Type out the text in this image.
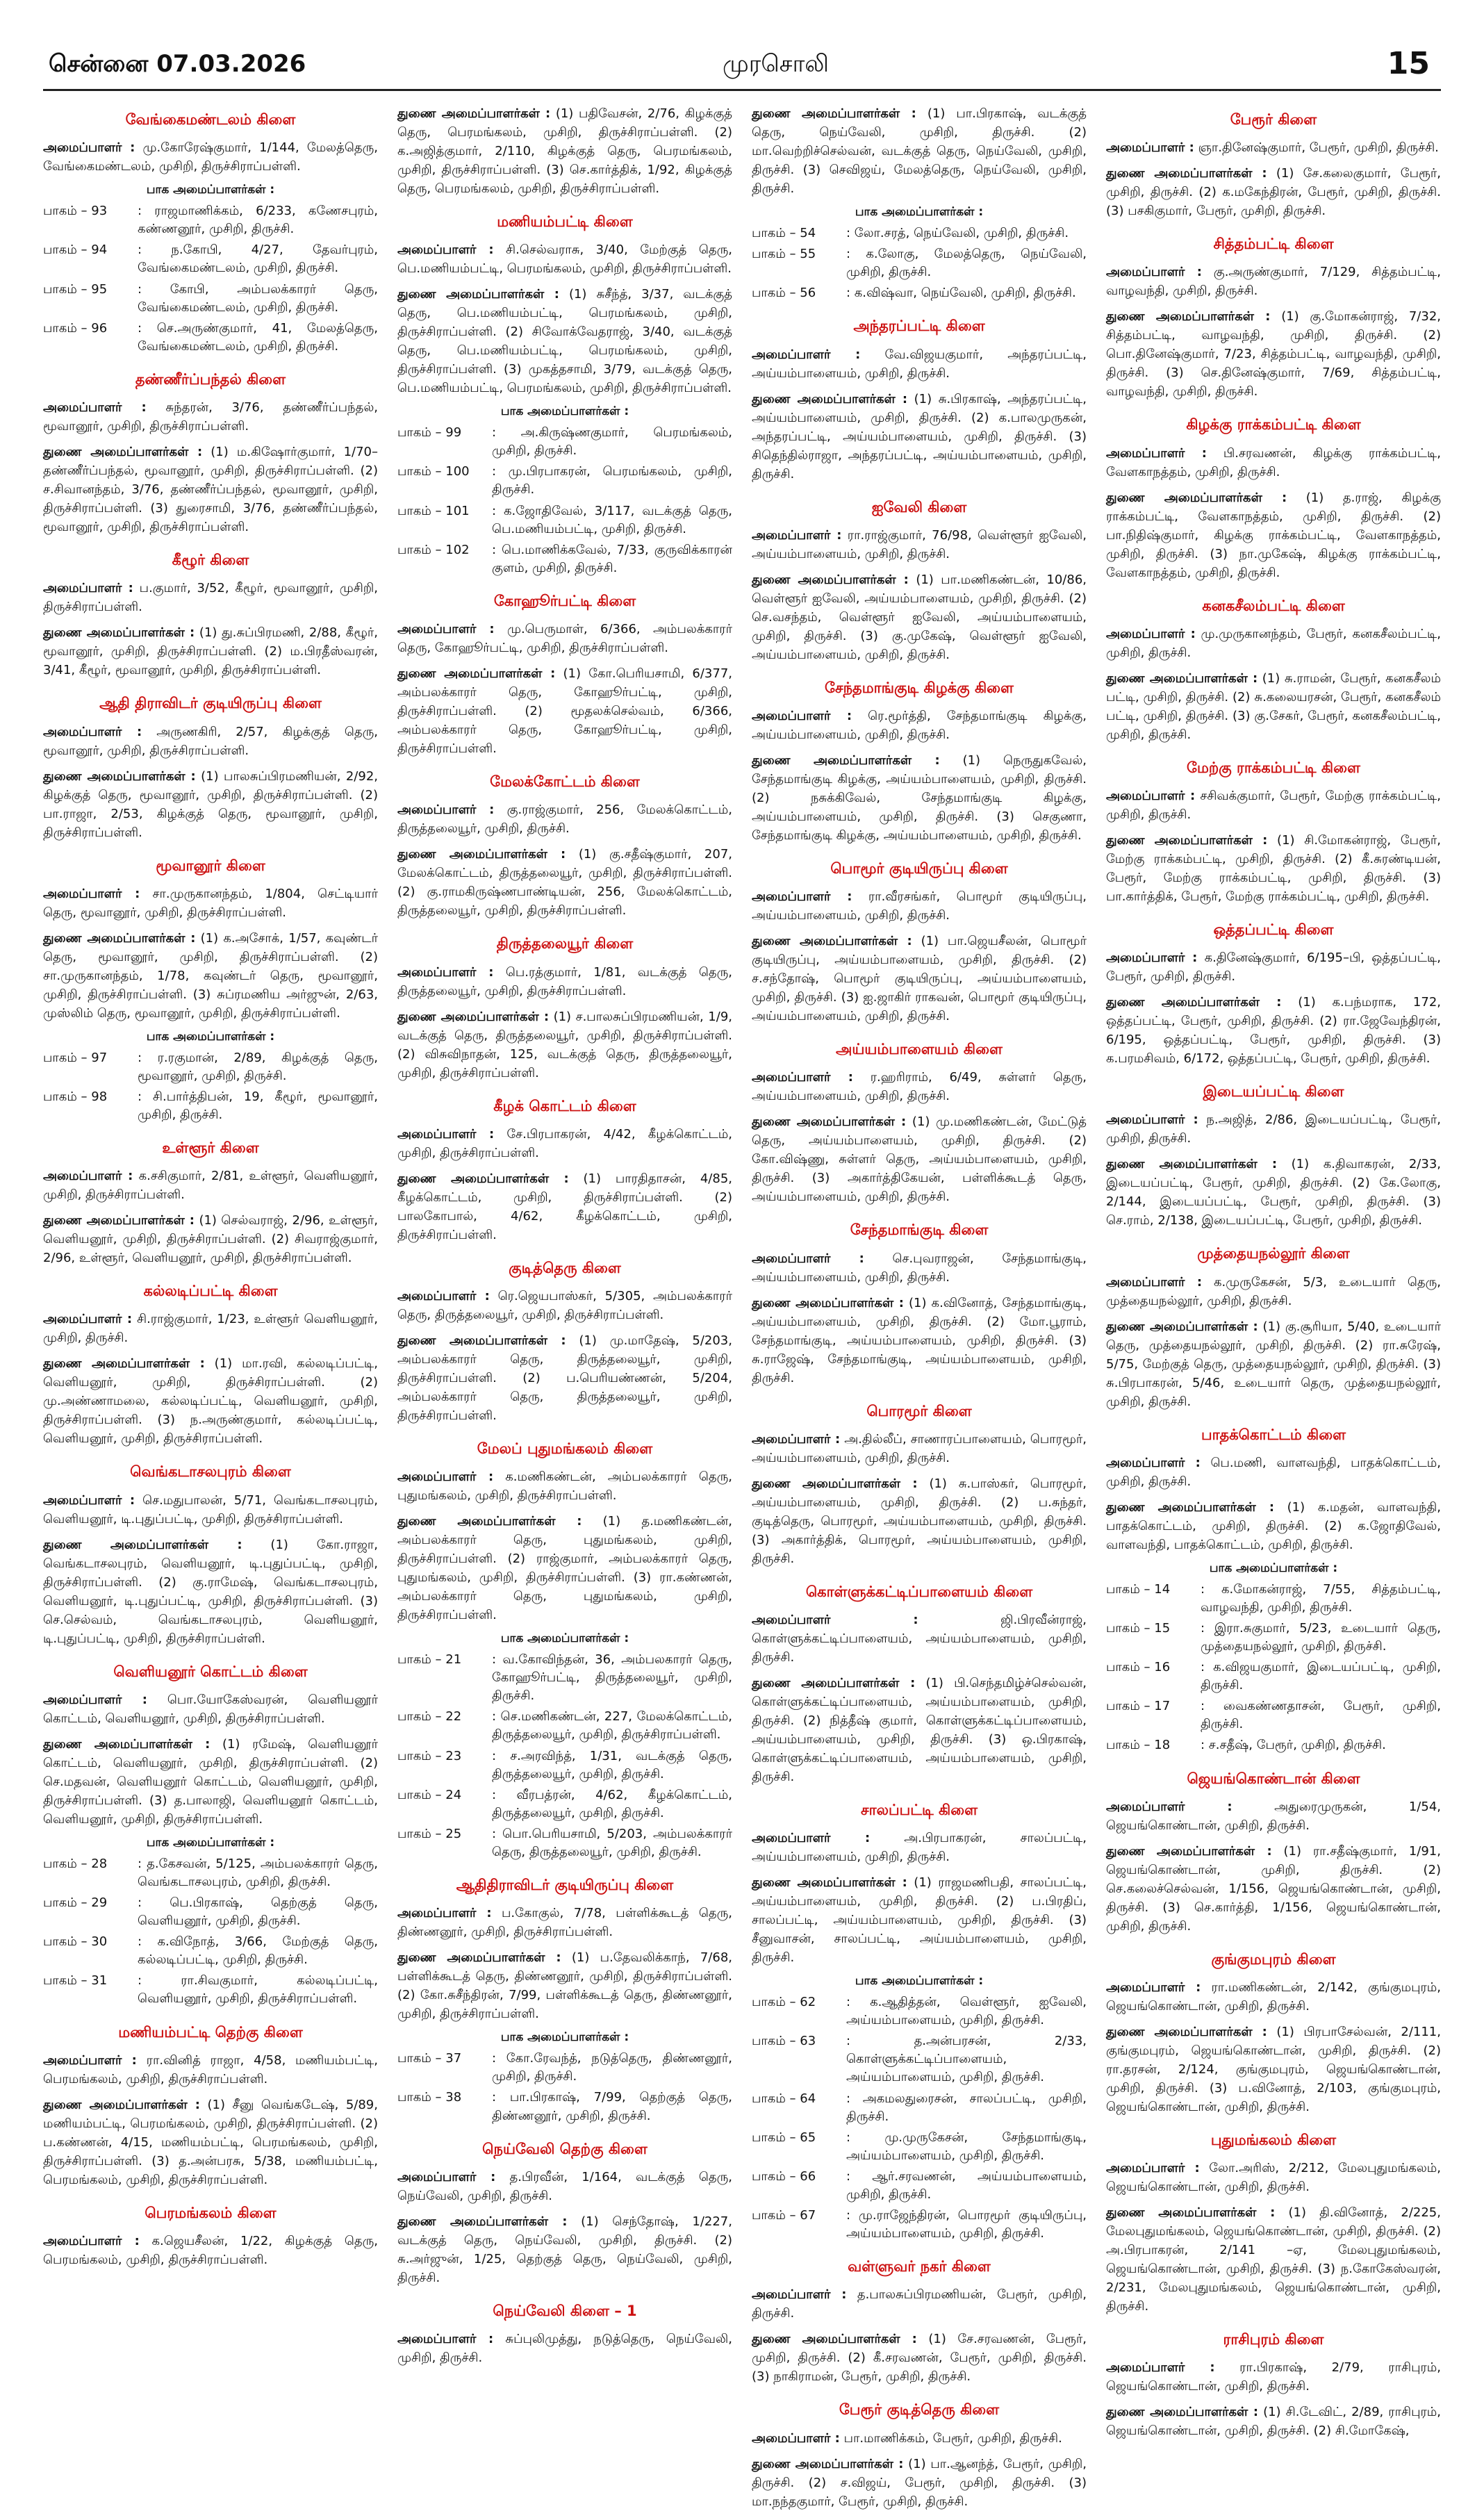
சென்னை 07.03.2026	முரசொலி	15
வேங்கைமண்டலம் கிளை

அமைப்பாளர் : மு.கோரேஷ்குமார், 1/144, மேலத்தெரு, வேங்கைமண்டலம், முசிறி, திருச்சிராப்பள்ளி.

பாக அமைப்பாளர்கள் :
பாகம் – 93	: ராஜமாணிக்கம், 6/233, கணேசபுரம், கண்ணனூர், முசிறி, திருச்சி.
பாகம் – 94	: ந.கோபி, 4/27, தேவர்புரம், வேங்கைமண்டலம், முசிறி, திருச்சி.
பாகம் – 95	: கோபி, அம்பலக்காரர் தெரு, வேங்கைமண்டலம், முசிறி, திருச்சி.
பாகம் – 96	: செ.அருண்குமார், 41, மேலத்தெரு, வேங்கைமண்டலம், முசிறி, திருச்சி.
தண்ணீர்ப்பந்தல் கிளை

அமைப்பாளர் : சுந்தரன், 3/76, தண்ணீர்ப்பந்தல், மூவானூர், முசிறி, திருச்சிராப்பள்ளி.

துணை அமைப்பாளர்கள் : (1) ம.கிஷோர்குமார், 1/70–தண்ணீர்ப்பந்தல், மூவானூர், முசிறி, திருச்சிராப்பள்ளி. (2) ச.சிவானந்தம், 3/76, தண்ணீர்ப்பந்தல், மூவானூர், முசிறி, திருச்சிராப்பள்ளி. (3) துரைசாமி, 3/76, தண்ணீர்ப்பந்தல், மூவானூர், முசிறி, திருச்சிராப்பள்ளி.

கீழூர் கிளை

அமைப்பாளர் : ப.குமார், 3/52, கீழூர், மூவானூர், முசிறி, திருச்சிராப்பள்ளி.

துணை அமைப்பாளர்கள் : (1) து.சுப்பிரமணி, 2/88, கீழூர், மூவானூர், முசிறி, திருச்சிராப்பள்ளி. (2) ம.பிரதீஸ்வரன், 3/41, கீழூர், மூவானூர், முசிறி, திருச்சிராப்பள்ளி.

ஆதி திராவிடர் குடியிருப்பு கிளை

அமைப்பாளர் : அருணகிரி, 2/57, கிழக்குத் தெரு, மூவானூர், முசிறி, திருச்சிராப்பள்ளி.

துணை அமைப்பாளர்கள் : (1) பாலசுப்பிரமணியன், 2/92, கிழக்குத் தெரு, மூவானூர், முசிறி, திருச்சிராப்பள்ளி. (2) பா.ராஜா, 2/53, கிழக்குத் தெரு, மூவானூர், முசிறி, திருச்சிராப்பள்ளி.

மூவானூர் கிளை

அமைப்பாளர் : சா.முருகானந்தம், 1/804, செட்டியார் தெரு, மூவானூர், முசிறி, திருச்சிராப்பள்ளி.

துணை அமைப்பாளர்கள் : (1) க.அசோக், 1/57, கவுண்டர் தெரு, மூவானூர், முசிறி, திருச்சிராப்பள்ளி. (2) சா.முருகானந்தம், 1/78, கவுண்டர் தெரு, மூவானூர், முசிறி, திருச்சிராப்பள்ளி. (3) சுப்ரமணிய அர்ஜுன், 2/63, முஸ்லிம் தெரு, மூவானூர், முசிறி, திருச்சிராப்பள்ளி.

பாக அமைப்பாளர்கள் :
பாகம் – 97	: ர.ரகுமான், 2/89, கிழக்குத் தெரு, மூவானூர், முசிறி, திருச்சி.
பாகம் – 98	: சி.பார்த்திபன், 19, கீழூர், மூவானூர், முசிறி, திருச்சி.
உள்ளூர் கிளை

அமைப்பாளர் : க.சசிகுமார், 2/81, உள்ளூர், வெளியனூர், முசிறி, திருச்சிராப்பள்ளி.

துணை அமைப்பாளர்கள் : (1) செல்வராஜ், 2/96, உள்ளூர், வெளியனூர், முசிறி, திருச்சிராப்பள்ளி. (2) சிவராஜ்குமார், 2/96, உள்ளூர், வெளியனூர், முசிறி, திருச்சிராப்பள்ளி.

கல்லடிப்பட்டி கிளை

அமைப்பாளர் : சி.ராஜ்குமார், 1/23, உள்ளூர் வெளியனூர், முசிறி, திருச்சி.

துணை அமைப்பாளர்கள் : (1) மா.ரவி, கல்லடிப்பட்டி, வெளியனூர், முசிறி, திருச்சிராப்பள்ளி. (2) மு.அண்ணாமலை, கல்லடிப்பட்டி, வெளியனூர், முசிறி, திருச்சிராப்பள்ளி. (3) ந.அருண்குமார், கல்லடிப்பட்டி, வெளியனூர், முசிறி, திருச்சிராப்பள்ளி.

வெங்கடாசலபுரம் கிளை

அமைப்பாளர் : செ.மதுபாலன், 5/71, வெங்கடாசலபுரம், வெளியனூர், டி.புதுப்பட்டி, முசிறி, திருச்சிராப்பள்ளி.

துணை அமைப்பாளர்கள் : (1) கோ.ராஜா, வெங்கடாசலபுரம், வெளியனூர், டி.புதுப்பட்டி, முசிறி, திருச்சிராப்பள்ளி. (2) கு.ராமேஷ், வெங்கடாசலபுரம், வெளியனூர், டி.புதுப்பட்டி, முசிறி, திருச்சிராப்பள்ளி. (3) செ.செல்வம், வெங்கடாசலபுரம், வெளியனூர், டி.புதுப்பட்டி, முசிறி, திருச்சிராப்பள்ளி.

வெளியனூர் கொட்டம் கிளை

அமைப்பாளர் : பொ.யோகேஸ்வரன், வெளியனூர் கொட்டம், வெளியனூர், முசிறி, திருச்சிராப்பள்ளி.

துணை அமைப்பாளர்கள் : (1) ரமேஷ், வெளியனூர் கொட்டம், வெளியனூர், முசிறி, திருச்சிராப்பள்ளி. (2) செ.மதவன், வெளியனூர் கொட்டம், வெளியனூர், முசிறி, திருச்சிராப்பள்ளி. (3) த.பாலாஜி, வெளியனூர் கொட்டம், வெளியனூர், முசிறி, திருச்சிராப்பள்ளி.

பாக அமைப்பாளர்கள் :
பாகம் – 28	: த.கேசவன், 5/125, அம்பலக்காரர் தெரு, வெங்கடாசலபுரம், முசிறி, திருச்சி.
பாகம் – 29	: பெ.பிரகாஷ், தெற்குத் தெரு, வெளியனூர், முசிறி, திருச்சி.
பாகம் – 30	: க.விநோத், 3/66, மேற்குத் தெரு, கல்லடிப்பட்டி, முசிறி, திருச்சி.
பாகம் – 31	: ரா.சிவகுமார், கல்லடிப்பட்டி, வெளியனூர், முசிறி, திருச்சிராப்பள்ளி.
மணியம்பட்டி தெற்கு கிளை

அமைப்பாளர் : ரா.வினித் ராஜா, 4/58, மணியம்பட்டி, பெரமங்கலம், முசிறி, திருச்சிராப்பள்ளி.

துணை அமைப்பாளர்கள் : (1) சீனு வெங்கடேஷ், 5/89, மணியம்பட்டி, பெரமங்கலம், முசிறி, திருச்சிராப்பள்ளி. (2) ப.கண்ணன், 4/15, மணியம்பட்டி, பெரமங்கலம், முசிறி, திருச்சிராப்பள்ளி. (3) த.அன்பரசு, 5/38, மணியம்பட்டி, பெரமங்கலம், முசிறி, திருச்சிராப்பள்ளி.

பெரமங்கலம் கிளை

அமைப்பாளர் : க.ஜெயசீலன், 1/22, கிழக்குத் தெரு, பெரமங்கலம், முசிறி, திருச்சிராப்பள்ளி.

துணை அமைப்பாளர்கள் : (1) பதிவேசன், 2/76, கிழக்குத் தெரு, பெரமங்கலம், முசிறி, திருச்சிராப்பள்ளி. (2) க.அஜித்குமார், 2/110, கிழக்குத் தெரு, பெரமங்கலம், முசிறி, திருச்சிராப்பள்ளி. (3) செ.கார்த்திக், 1/92, கிழக்குத் தெரு, பெரமங்கலம், முசிறி, திருச்சிராப்பள்ளி.

மணியம்பட்டி கிளை

அமைப்பாளர் : சி.செல்வராசு, 3/40, மேற்குத் தெரு, பெ.மணியம்பட்டி, பெரமங்கலம், முசிறி, திருச்சிராப்பள்ளி.

துணை அமைப்பாளர்கள் : (1) சுசீந்த், 3/37, வடக்குத் தெரு, பெ.மணியம்பட்டி, பெரமங்கலம், முசிறி, திருச்சிராப்பள்ளி. (2) சிவோக்வேதராஜ், 3/40, வடக்குத் தெரு, பெ.மணியம்பட்டி, பெரமங்கலம், முசிறி, திருச்சிராப்பள்ளி. (3) முகத்தசாமி, 3/79, வடக்குத் தெரு, பெ.மணியம்பட்டி, பெரமங்கலம், முசிறி, திருச்சிராப்பள்ளி.

பாக அமைப்பாளர்கள் :
பாகம் – 99	: அ.கிருஷ்ணகுமார், பெரமங்கலம், முசிறி, திருச்சி.
பாகம் – 100	: மு.பிரபாகரன், பெரமங்கலம், முசிறி, திருச்சி.
பாகம் – 101	: க.ஜோதிவேல், 3/117, வடக்குத் தெரு, பெ.மணியம்பட்டி, முசிறி, திருச்சி.
பாகம் – 102	: பெ.மாணிக்கவேல், 7/33, குருவிக்காரன் குளம், முசிறி, திருச்சி.
கோஹூர்பட்டி கிளை

அமைப்பாளர் : மு.பெருமாள், 6/366, அம்பலக்காரர் தெரு, கோஹூர்பட்டி, முசிறி, திருச்சிராப்பள்ளி.

துணை அமைப்பாளர்கள் : (1) கோ.பெரியசாமி, 6/377, அம்பலக்காரர் தெரு, கோஹூர்பட்டி, முசிறி, திருச்சிராப்பள்ளி. (2) மூதலக்செல்வம், 6/366, அம்பலக்காரர் தெரு, கோஹூர்பட்டி, முசிறி, திருச்சிராப்பள்ளி.

மேலக்கோட்டம் கிளை

அமைப்பாளர் : கு.ராஜ்குமார், 256, மேலக்கொட்டம், திருத்தலையூர், முசிறி, திருச்சி.

துணை அமைப்பாளர்கள் : (1) கு.சதீஷ்குமார், 207, மேலக்கொட்டம், திருத்தலையூர், முசிறி, திருச்சிராப்பள்ளி. (2) கு.ராமகிருஷ்ணபாண்டியன், 256, மேலக்கொட்டம், திருத்தலையூர், முசிறி, திருச்சிராப்பள்ளி.

திருத்தலையூர் கிளை

அமைப்பாளர் : பெ.ரத்குமார், 1/81, வடக்குத் தெரு, திருத்தலையூர், முசிறி, திருச்சிராப்பள்ளி.

துணை அமைப்பாளர்கள் : (1) ச.பாலசுப்பிரமணியன், 1/9, வடக்குத் தெரு, திருத்தலையூர், முசிறி, திருச்சிராப்பள்ளி. (2) விசுவிநாதன், 125, வடக்குத் தெரு, திருத்தலையூர், முசிறி, திருச்சிராப்பள்ளி.

கீழக் கொட்டம் கிளை

அமைப்பாளர் : சே.பிரபாகரன், 4/42, கீழக்கொட்டம், முசிறி, திருச்சிராப்பள்ளி.

துணை அமைப்பாளர்கள் : (1) பாரதிதாசன், 4/85, கீழக்கொட்டம், முசிறி, திருச்சிராப்பள்ளி. (2) பாலகோபால், 4/62, கீழக்கொட்டம், முசிறி, திருச்சிராப்பள்ளி.

குடித்தெரு கிளை

அமைப்பாளர் : ரெ.ஜெயபாஸ்கர், 5/305, அம்பலக்காரர் தெரு, திருத்தலையூர், முசிறி, திருச்சிராப்பள்ளி.

துணை அமைப்பாளர்கள் : (1) மு.மாதேஷ், 5/203, அம்பலக்காரர் தெரு, திருத்தலையூர், முசிறி, திருச்சிராப்பள்ளி. (2) ப.பெரியண்ணன், 5/204, அம்பலக்காரர் தெரு, திருத்தலையூர், முசிறி, திருச்சிராப்பள்ளி.

மேலப் புதுமங்கலம் கிளை

அமைப்பாளர் : க.மணிகண்டன், அம்பலக்காரர் தெரு, புதுமங்கலம், முசிறி, திருச்சிராப்பள்ளி.

துணை அமைப்பாளர்கள் : (1) த.மணிகண்டன், அம்பலக்காரர் தெரு, புதுமங்கலம், முசிறி, திருச்சிராப்பள்ளி. (2) ராஜ்குமார், அம்பலக்காரர் தெரு, புதுமங்கலம், முசிறி, திருச்சிராப்பள்ளி. (3) ரா.கண்ணன், அம்பலக்காரர் தெரு, புதுமங்கலம், முசிறி, திருச்சிராப்பள்ளி.

பாக அமைப்பாளர்கள் :
பாகம் – 21	: வ.கோவிந்தன், 36, அம்பலகாரர் தெரு, கோஹூர்பட்டி, திருத்தலையூர், முசிறி, திருச்சி.
பாகம் – 22	: செ.மணிகண்டன், 227, மேலக்கொட்டம், திருத்தலையூர், முசிறி, திருச்சிராப்பள்ளி.
பாகம் – 23	: ச.அரவிந்த், 1/31, வடக்குத் தெரு, திருத்தலையூர், முசிறி, திருச்சி.
பாகம் – 24	: வீரபத்ரன், 4/62, கீழக்கொட்டம், திருத்தலையூர், முசிறி, திருச்சி.
பாகம் – 25	: பொ.பெரியசாமி, 5/203, அம்பலக்காரர் தெரு, திருத்தலையூர், முசிறி, திருச்சி.
ஆதிதிராவிடர் குடியிருப்பு கிளை

அமைப்பாளர் : ப.கோகுல், 7/78, பள்ளிக்கூடத் தெரு, திண்ணனூர், முசிறி, திருச்சிராப்பள்ளி.

துணை அமைப்பாளர்கள் : (1) ப.தேவலிக்காந், 7/68, பள்ளிக்கூடத் தெரு, திண்ணனூர், முசிறி, திருச்சிராப்பள்ளி. (2) கோ.சுசீந்திரன், 7/99, பள்ளிக்கூடத் தெரு, திண்ணனூர், முசிறி, திருச்சிராப்பள்ளி.

பாக அமைப்பாளர்கள் :
பாகம் – 37	: கோ.ரேவந்த், நடுத்தெரு, திண்ணனூர், முசிறி, திருச்சி.
பாகம் – 38	: பா.பிரகாஷ், 7/99, தெற்குத் தெரு, திண்ணனூர், முசிறி, திருச்சி.
நெய்வேலி தெற்கு கிளை

அமைப்பாளர் : த.பிரவீன், 1/164, வடக்குத் தெரு, நெய்வேலி, முசிறி, திருச்சி.

துணை அமைப்பாளர்கள் : (1) செந்தோஷ், 1/227, வடக்குத் தெரு, நெய்வேலி, முசிறி, திருச்சி. (2) சு.அர்ஜுன், 1/25, தெற்குத் தெரு, நெய்வேலி, முசிறி, திருச்சி.

நெய்வேலி கிளை – 1

அமைப்பாளர் : சுப்புலிமுத்து, நடுத்தெரு, நெய்வேலி, முசிறி, திருச்சி.

துணை அமைப்பாளர்கள் : (1) பா.பிரகாஷ், வடக்குத் தெரு, நெய்வேலி, முசிறி, திருச்சி. (2) மா.வெற்றிச்செல்வன், வடக்குத் தெரு, நெய்வேலி, முசிறி, திருச்சி. (3) செவிஜய், மேலத்தெரு, நெய்வேலி, முசிறி, திருச்சி.

பாக அமைப்பாளர்கள் :
பாகம் – 54	: லோ.சரத், நெய்வேலி, முசிறி, திருச்சி.
பாகம் – 55	: க.லோகு, மேலத்தெரு, நெய்வேலி, முசிறி, திருச்சி.
பாகம் – 56	: க.விஷ்வா, நெய்வேலி, முசிறி, திருச்சி.
அந்தரப்பட்டி கிளை

அமைப்பாளர் : வே.விஜயகுமார், அந்தரப்பட்டி, அய்யம்பாளையம், முசிறி, திருச்சி.

துணை அமைப்பாளர்கள் : (1) சு.பிரகாஷ், அந்தரப்பட்டி, அய்யம்பாளையம், முசிறி, திருச்சி. (2) க.பாலமுருகன், அந்தரப்பட்டி, அய்யம்பாளையம், முசிறி, திருச்சி. (3) சிதெந்தில்ராஜா, அந்தரப்பட்டி, அய்யம்பாளையம், முசிறி, திருச்சி.

ஐவேலி கிளை

அமைப்பாளர் : ரா.ராஜ்குமார், 76/98, வெள்ளூர் ஐவேலி, அய்யம்பாளையம், முசிறி, திருச்சி.

துணை அமைப்பாளர்கள் : (1) பா.மணிகண்டன், 10/86, வெள்ளூர் ஐவேலி, அய்யம்பாளையம், முசிறி, திருச்சி. (2) செ.வசந்தம், வெள்ளூர் ஐவேலி, அய்யம்பாளையம், முசிறி, திருச்சி. (3) கு.முகேஷ், வெள்ளூர் ஐவேலி, அய்யம்பாளையம், முசிறி, திருச்சி.

சேந்தமாங்குடி கிழக்கு கிளை

அமைப்பாளர் : ரெ.மூர்த்தி, சேந்தமாங்குடி கிழக்கு, அய்யம்பாளையம், முசிறி, திருச்சி.

துணை அமைப்பாளர்கள் : (1) நெருதுகவேல், சேந்தமாங்குடி கிழக்கு, அய்யம்பாளையம், முசிறி, திருச்சி. (2) நசுக்கிவேல், சேந்தமாங்குடி கிழக்கு, அய்யம்பாளையம், முசிறி, திருச்சி. (3) செகுணா, சேந்தமாங்குடி கிழக்கு, அய்யம்பாளையம், முசிறி, திருச்சி.

பொமூர் குடியிருப்பு கிளை

அமைப்பாளர் : ரா.வீரசங்கர், பொமூர் குடியிருப்பு, அய்யம்பாளையம், முசிறி, திருச்சி.

துணை அமைப்பாளர்கள் : (1) பா.ஜெயசீலன், பொமூர் குடியிருப்பு, அய்யம்பாளையம், முசிறி, திருச்சி. (2) ச.சந்தோஷ், பொமூர் குடியிருப்பு, அய்யம்பாளையம், முசிறி, திருச்சி. (3) ஐ.ஜாகிர் ராகவன், பொமூர் குடியிருப்பு, அய்யம்பாளையம், முசிறி, திருச்சி.

அய்யம்பாளையம் கிளை

அமைப்பாளர் : ர.ஹரிராம், 6/49, சுள்ளர் தெரு, அய்யம்பாளையம், முசிறி, திருச்சி.

துணை அமைப்பாளர்கள் : (1) மு.மணிகண்டன், மேட்டுத் தெரு, அய்யம்பாளையம், முசிறி, திருச்சி. (2) கோ.விஷ்ணு, சுள்ளர் தெரு, அய்யம்பாளையம், முசிறி, திருச்சி. (3) அகார்த்திகேயன், பள்ளிக்கூடத் தெரு, அய்யம்பாளையம், முசிறி, திருச்சி.

சேந்தமாங்குடி கிளை

அமைப்பாளர் : செ.புவராஜன், சேந்தமாங்குடி, அய்யம்பாளையம், முசிறி, திருச்சி.

துணை அமைப்பாளர்கள் : (1) க.வினோத், சேந்தமாங்குடி, அய்யம்பாளையம், முசிறி, திருச்சி. (2) மோ.பூராம், சேந்தமாங்குடி, அய்யம்பாளையம், முசிறி, திருச்சி. (3) சு.ராஜேஷ், சேந்தமாங்குடி, அய்யம்பாளையம், முசிறி, திருச்சி.

பொரமூர் கிளை

அமைப்பாளர் : அ.தில்லீப், சாணாரப்பாளையம், பொரமூர், அய்யம்பாளையம், முசிறி, திருச்சி.

துணை அமைப்பாளர்கள் : (1) சு.பாஸ்கர், பொரமூர், அய்யம்பாளையம், முசிறி, திருச்சி. (2) ப.சுந்தர், குடித்தெரு, பொரமூர், அய்யம்பாளையம், முசிறி, திருச்சி. (3) அகார்த்திக், பொரமூர், அய்யம்பாளையம், முசிறி, திருச்சி.

கொள்ளுக்கட்டிப்பாளையம் கிளை

அமைப்பாளர் :	ஜி.பிரவீன்ராஜ், கொள்ளுக்கட்டிப்பாளையம், அய்யம்பாளையம், முசிறி, திருச்சி.

துணை அமைப்பாளர்கள் : (1) பி.செந்தமிழ்ச்செல்வன், கொள்ளுக்கட்டிப்பாளையம், அய்யம்பாளையம், முசிறி, திருச்சி. (2) நித்தீஷ் குமார், கொள்ளுக்கட்டிப்பாளையம், அய்யம்பாளையம், முசிறி, திருச்சி. (3) ஒ.பிரகாஷ், கொள்ளுக்கட்டிப்பாளையம், அய்யம்பாளையம், முசிறி, திருச்சி.

சாலப்பட்டி கிளை

அமைப்பாளர் :	அ.பிரபாகரன், சாலப்பட்டி, அய்யம்பாளையம், முசிறி, திருச்சி.

துணை அமைப்பாளர்கள் : (1) ராஜமணிபதி, சாலப்பட்டி, அய்யம்பாளையம், முசிறி, திருச்சி. (2) ப.பிரதிப், சாலப்பட்டி, அய்யம்பாளையம், முசிறி, திருச்சி. (3) சீனுவாசன், சாலப்பட்டி, அய்யம்பாளையம், முசிறி, திருச்சி.

பாக அமைப்பாளர்கள் :
பாகம் – 62	: க.ஆதித்தன், வெள்ளூர், ஐவேலி, அய்யம்பாளையம், முசிறி, திருச்சி.
பாகம் – 63	: த.அன்பரசன், 2/33, கொள்ளுக்கட்டிப்பாளையம், அய்யம்பாளையம், முசிறி, திருச்சி.
பாகம் – 64	: அகமலதுரைசன், சாலப்பட்டி, முசிறி, திருச்சி.
பாகம் – 65	: மு.முருகேசன், சேந்தமாங்குடி, அய்யம்பாளையம், முசிறி, திருச்சி.
பாகம் – 66	: ஆர்.சரவணன், அய்யம்பாளையம், முசிறி, திருச்சி.
பாகம் – 67	: மு.ராஜேந்திரன், பொரமூர் குடியிருப்பு, அய்யம்பாளையம், முசிறி, திருச்சி.
வள்ளுவர் நகர் கிளை

அமைப்பாளர் : த.பாலசுப்பிரமணியன், பேரூர், முசிறி, திருச்சி.

துணை அமைப்பாளர்கள் : (1) சே.சரவணன், பேரூர், முசிறி, திருச்சி. (2) கீ.சரவணன், பேரூர், முசிறி, திருச்சி. (3) நாகிராமன், பேரூர், முசிறி, திருச்சி.

பேரூர் குடித்தெரு கிளை

அமைப்பாளர் : பா.மாணிக்கம், பேரூர், முசிறி, திருச்சி.

துணை அமைப்பாளர்கள் : (1) பா.ஆனந்த், பேரூர், முசிறி, திருச்சி. (2) ச.விஜய், பேரூர், முசிறி, திருச்சி. (3) மா.நந்தகுமார், பேரூர், முசிறி, திருச்சி.

பேரூர் கிளை

அமைப்பாளர் : ஞா.தினேஷ்குமார், பேரூர், முசிறி, திருச்சி.

துணை அமைப்பாளர்கள் : (1) சே.கலைகுமார், பேரூர், முசிறி, திருச்சி. (2) க.மகேந்திரன், பேரூர், முசிறி, திருச்சி. (3) பசகிகுமார், பேரூர், முசிறி, திருச்சி.

சித்தம்பட்டி கிளை

அமைப்பாளர் : கு.அருண்குமார், 7/129, சித்தம்பட்டி, வாழவந்தி, முசிறி, திருச்சி.

துணை அமைப்பாளர்கள் : (1) கு.மோகன்ராஜ், 7/32, சித்தம்பட்டி, வாழவந்தி, முசிறி, திருச்சி. (2) பொ.தினேஷ்குமார், 7/23, சித்தம்பட்டி, வாழவந்தி, முசிறி, திருச்சி. (3) செ.தினேஷ்குமார், 7/69, சித்தம்பட்டி, வாழவந்தி, முசிறி, திருச்சி.

கிழக்கு ராக்கம்பட்டி கிளை

அமைப்பாளர் : பி.சரவணன், கிழக்கு ராக்கம்பட்டி, வேளகாநத்தம், முசிறி, திருச்சி.

துணை அமைப்பாளர்கள் : (1) த.ராஜ், கிழக்கு ராக்கம்பட்டி, வேளகாநத்தம், முசிறி, திருச்சி. (2) பா.நிதிஷ்குமார், கிழக்கு ராக்கம்பட்டி, வேளகாநத்தம், முசிறி, திருச்சி. (3) நா.முகேஷ், கிழக்கு ராக்கம்பட்டி, வேளகாநத்தம், முசிறி, திருச்சி.

கனகசீலம்பட்டி கிளை

அமைப்பாளர் : மு.முருகானந்தம், பேரூர், கனகசீலம்பட்டி, முசிறி, திருச்சி.

துணை அமைப்பாளர்கள் : (1) சு.ராமன், பேரூர், கனகசீலம் பட்டி, முசிறி, திருச்சி. (2) சு.கலையரசன், பேரூர், கனகசீலம் பட்டி, முசிறி, திருச்சி. (3) கு.சேகர், பேரூர், கனகசீலம்பட்டி, முசிறி, திருச்சி.

மேற்கு ராக்கம்பட்டி கிளை

அமைப்பாளர் : சசிவக்குமார், பேரூர், மேற்கு ராக்கம்பட்டி, முசிறி, திருச்சி.

துணை அமைப்பாளர்கள் : (1) சி.மோகன்ராஜ், பேரூர், மேற்கு ராக்கம்பட்டி, முசிறி, திருச்சி. (2) கீ.சுரண்டியன், பேரூர், மேற்கு ராக்கம்பட்டி, முசிறி, திருச்சி. (3) பா.கார்த்திக், பேரூர், மேற்கு ராக்கம்பட்டி, முசிறி, திருச்சி.

ஒத்தப்பட்டி கிளை

அமைப்பாளர் : க.தினேஷ்குமார், 6/195–பி, ஒத்தப்பட்டி, பேரூர், முசிறி, திருச்சி.

துணை அமைப்பாளர்கள் : (1) க.பந்மராக, 172, ஒத்தப்பட்டி, பேரூர், முசிறி, திருச்சி. (2) ரா.ஜேவேந்திரன், 6/195, ஒத்தப்பட்டி, பேரூர், முசிறி, திருச்சி. (3) க.பரமசிவம், 6/172, ஒத்தப்பட்டி, பேரூர், முசிறி, திருச்சி.

இடையப்பட்டி கிளை

அமைப்பாளர் : ந.அஜித், 2/86, இடையப்பட்டி, பேரூர், முசிறி, திருச்சி.

துணை அமைப்பாளர்கள் : (1) க.திவாகரன், 2/33, இடையப்பட்டி, பேரூர், முசிறி, திருச்சி. (2) கே.லோகு, 2/144, இடையப்பட்டி, பேரூர், முசிறி, திருச்சி. (3) செ.ராம், 2/138, இடையப்பட்டி, பேரூர், முசிறி, திருச்சி.

முத்தையநல்லூர் கிளை

அமைப்பாளர் : க.முருகேசன், 5/3, உடையார் தெரு, முத்தையநல்லூர், முசிறி, திருச்சி.

துணை அமைப்பாளர்கள் : (1) கு.சூரியா, 5/40, உடையார் தெரு, முத்தையநல்லூர், முசிறி, திருச்சி. (2) ரா.சுரேஷ், 5/75, மேற்குத் தெரு, முத்தையநல்லூர், முசிறி, திருச்சி. (3) சு.பிரபாகரன், 5/46, உடையார் தெரு, முத்தையநல்லூர், முசிறி, திருச்சி.

பாதக்கொட்டம் கிளை

அமைப்பாளர் : பெ.மணி, வாளவந்தி, பாதக்கொட்டம், முசிறி, திருச்சி.

துணை அமைப்பாளர்கள் : (1) க.மதன், வாளவந்தி, பாதக்கொட்டம், முசிறி, திருச்சி. (2) க.ஜோதிவேல், வாளவந்தி, பாதக்கொட்டம், முசிறி, திருச்சி.

பாக அமைப்பாளர்கள் :
பாகம் – 14	: க.மோகன்ராஜ், 7/55, சித்தம்பட்டி, வாழவந்தி, முசிறி, திருச்சி.
பாகம் – 15	: இரா.சுகுமார், 5/23, உடையார் தெரு, முத்தையநல்லூர், முசிறி, திருச்சி.
பாகம் – 16	: க.விஜயகுமார், இடையப்பட்டி, முசிறி, திருச்சி.
பாகம் – 17	: வைகண்ணதாசன், பேரூர், முசிறி, திருச்சி.
பாகம் – 18	: ச.சதீஷ், பேரூர், முசிறி, திருச்சி.
ஜெயங்கொண்டான் கிளை

அமைப்பாளர் :	அதுரைமுருகன், 1/54, ஜெயங்கொண்டான், முசிறி, திருச்சி.

துணை அமைப்பாளர்கள் : (1) ரா.சதீஷ்குமார், 1/91, ஜெயங்கொண்டான், முசிறி, திருச்சி. (2) செ.கலைச்செல்வன், 1/156, ஜெயங்கொண்டான், முசிறி, திருச்சி. (3) செ.கார்த்தி, 1/156, ஜெயங்கொண்டான், முசிறி, திருச்சி.

குங்குமபுரம் கிளை

அமைப்பாளர் : ரா.மணிகண்டன், 2/142, குங்குமபுரம், ஜெயங்கொண்டான், முசிறி, திருச்சி.

துணை அமைப்பாளர்கள் : (1) பிரபாசேல்வன், 2/111, குங்குமபுரம், ஜெயங்கொண்டான், முசிறி, திருச்சி. (2) ரா.தரசன், 2/124, குங்குமபுரம், ஜெயங்கொண்டான், முசிறி, திருச்சி. (3) ப.வினோத், 2/103, குங்குமபுரம், ஜெயங்கொண்டான், முசிறி, திருச்சி.

புதுமங்கலம் கிளை

அமைப்பாளர் : லோ.அரிஸ், 2/212, மேலபுதுமங்கலம், ஜெயங்கொண்டான், முசிறி, திருச்சி.

துணை அமைப்பாளர்கள் : (1) தி.வினோத், 2/225, மேலபுதுமங்கலம், ஜெயங்கொண்டான், முசிறி, திருச்சி. (2) அ.பிரபாகரன், 2/141 –ஏ, மேலபுதுமங்கலம், ஜெயங்கொண்டான், முசிறி, திருச்சி. (3) ந.கோகேஸ்வரன், 2/231, மேலபுதுமங்கலம், ஜெயங்கொண்டான், முசிறி, திருச்சி.

ராசிபுரம் கிளை

அமைப்பாளர் : ரா.பிரகாஷ், 2/79, ராசிபுரம், ஜெயங்கொண்டான், முசிறி, திருச்சி.

துணை அமைப்பாளர்கள் : (1) சி.டேவிட், 2/89, ராசிபுரம், ஜெயங்கொண்டான், முசிறி, திருச்சி. (2) சி.மோகேஷ்,
